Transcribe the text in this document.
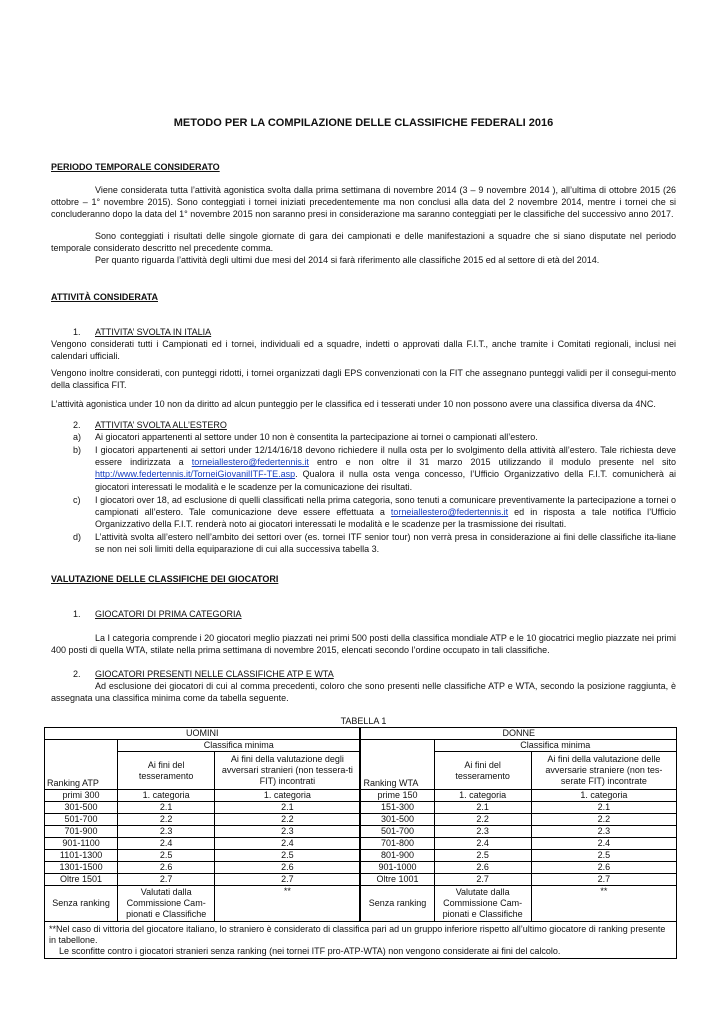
METODO PER LA COMPILAZIONE DELLE CLASSIFICHE FEDERALI 2016
PERIODO TEMPORALE CONSIDERATO
Viene considerata tutta l’attività agonistica svolta dalla prima settimana di novembre 2014 (3 – 9 novembre 2014 ), all’ultima di ottobre 2015 (26 ottobre – 1° novembre 2015). Sono conteggiati i tornei iniziati precedentemente ma non conclusi alla data del 2 novembre 2014, mentre i tornei che si concluderanno dopo la data del 1° novembre 2015 non saranno presi in considerazione ma saranno conteggiati per le classifiche del successivo anno 2017.
Sono conteggiati i risultati delle singole giornate di gara dei campionati e delle manifestazioni a squadre che si siano disputate nel periodo temporale considerato descritto nel precedente comma.
Per quanto riguarda l’attività degli ultimi due mesi del 2014 si farà riferimento alle classifiche 2015 ed al settore di età del 2014.
ATTIVITÀ CONSIDERATA
1. ATTIVITA’ SVOLTA IN ITALIA
Vengono considerati tutti i Campionati ed i tornei, individuali ed a squadre, indetti o approvati dalla F.I.T., anche tramite i Comitati regionali, inclusi nei calendari ufficiali.
Vengono inoltre considerati, con punteggi ridotti, i tornei organizzati dagli EPS convenzionati con la FIT che assegnano punteggi validi per il consegui-mento della classifica FIT.
L’attività agonistica under 10 non da diritto ad alcun punteggio per le classifica ed i tesserati under 10 non possono avere una classifica diversa da 4NC.
2. ATTIVITA’ SVOLTA ALL’ESTERO
a) Ai giocatori appartenenti al settore under 10 non è consentita la partecipazione ai tornei o campionati all’estero.
b) I giocatori appartenenti ai settori under 12/14/16/18 devono richiedere il nulla osta per lo svolgimento della attività all’estero. Tale richiesta deve essere indirizzata a torneiallestero@federtennis.it entro e non oltre il 31 marzo 2015 utilizzando il modulo presente nel sito http://www.federtennis.it/TorneiGiovanilITF-TE.asp. Qualora il nulla osta venga concesso, l’Ufficio Organizzativo della F.I.T. comunicherà ai giocatori interessati le modalità e le scadenze per la comunicazione dei risultati.
c) I giocatori over 18, ad esclusione di quelli classificati nella prima categoria, sono tenuti a comunicare preventivamente la partecipazione a tornei o campionati all’estero. Tale comunicazione deve essere effettuata a torneiallestero@federtennis.it ed in risposta a tale notifica l’Ufficio Organizzativo della F.I.T. renderà noto ai giocatori interessati le modalità e le scadenze per la trasmissione dei risultati.
d) L’attività svolta all’estero nell’ambito dei settori over (es. tornei ITF senior tour) non verrà presa in considerazione ai fini delle classifiche ita-liane se non nei soli limiti della equiparazione di cui alla successiva tabella 3.
VALUTAZIONE DELLE CLASSIFICHE DEI GIOCATORI
1. GIOCATORI DI PRIMA CATEGORIA
La I categoria comprende i 20 giocatori meglio piazzati nei primi 500 posti della classifica mondiale ATP e le 10 giocatrici meglio piazzate nei primi 400 posti di quella WTA, stilate nella prima settimana di novembre 2015, elencati secondo l’ordine occupato in tali classifiche.
2. GIOCATORI PRESENTI NELLE CLASSIFICHE ATP E WTA
Ad esclusione dei giocatori di cui al comma precedenti, coloro che sono presenti nelle classifiche ATP e WTA, secondo la posizione raggiunta, è assegnata una classifica minima come da tabella seguente.
TABELLA 1
UOMINI			DONNE		
Ranking ATP	Classifica minima		Ranking WTA	Classifica minima	
	Ai fini del tesseramento	Ai fini della valutazione degli avversari stranieri (non tessera-ti FIT) incontrati		Ai fini del tesseramento	Ai fini della valutazione delle avversarie straniere (non tes-serate FIT) incontrate
primi 300	1. categoria	1. categoria	prime 150	1. categoria	1. categoria
301-500	2.1	2.1	151-300	2.1	2.1
501-700	2.2	2.2	301-500	2.2	2.2
701-900	2.3	2.3	501-700	2.3	2.3
901-1100	2.4	2.4	701-800	2.4	2.4
1101-1300	2.5	2.5	801-900	2.5	2.5
1301-1500	2.6	2.6	901-1000	2.6	2.6
Oltre 1501	2.7	2.7	Oltre 1001	2.7	2.7
Senza ranking	Valutati dalla Commissione Cam-pionati e Classifiche	**	Senza ranking	Valutate dalla Commissione Cam-pionati e Classifiche	**

**Nel caso di vittoria del giocatore italiano, lo straniero è considerato di classifica pari ad un gruppo inferiore rispetto all’ultimo giocatore di ranking presente in tabellone.
Le sconfitte contro i giocatori stranieri senza ranking (nei tornei ITF pro-ATP-WTA) non vengono considerate ai fini del calcolo.					
